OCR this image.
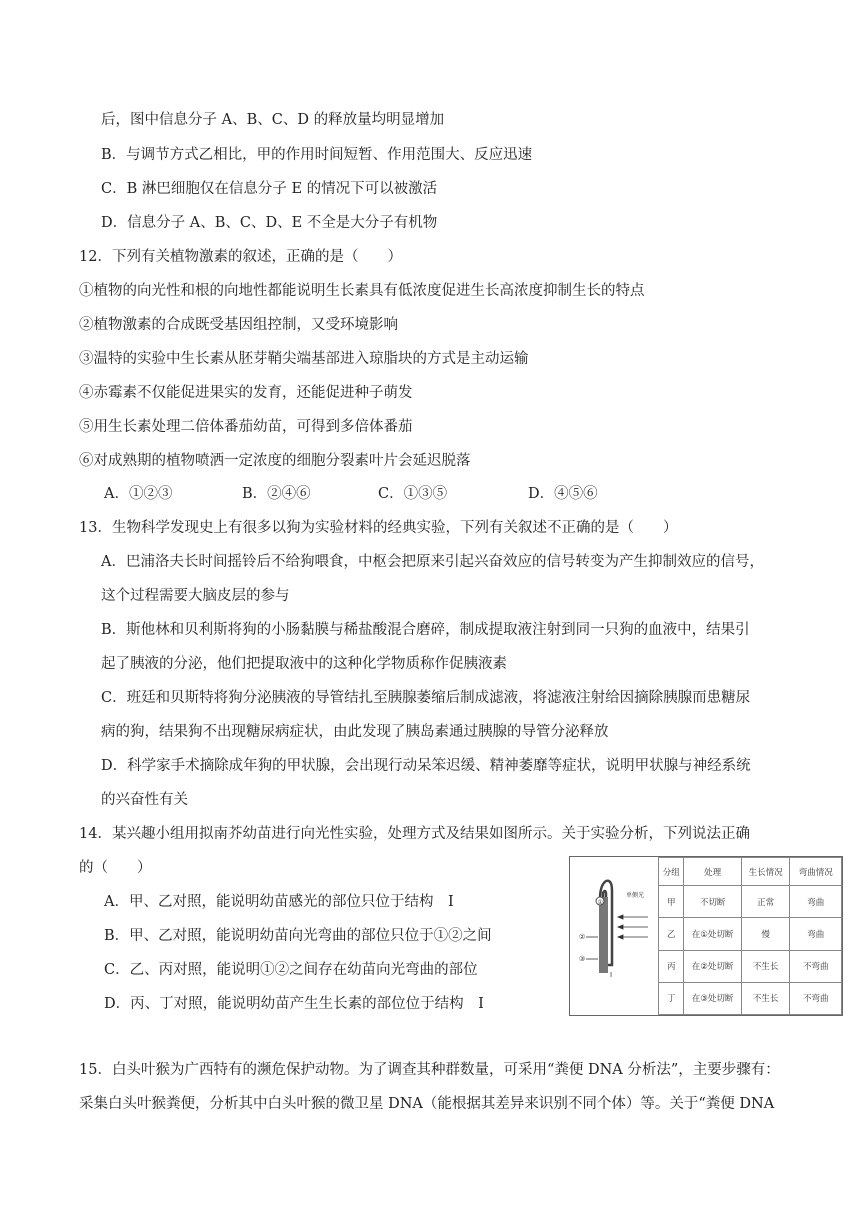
后，图中信息分子 A、B、C、D 的释放量均明显增加
B．与调节方式乙相比，甲的作用时间短暂、作用范围大、反应迅速
C．B 淋巴细胞仅在信息分子 E 的情况下可以被激活
D．信息分子 A、B、C、D、E 不全是大分子有机物
12．下列有关植物激素的叙述，正确的是（　　）
①植物的向光性和根的向地性都能说明生长素具有低浓度促进生长高浓度抑制生长的特点
②植物激素的合成既受基因组控制，又受环境影响
③温特的实验中生长素从胚芽鞘尖端基部进入琼脂块的方式是主动运输
④赤霉素不仅能促进果实的发育，还能促进种子萌发
⑤用生长素处理二倍体番茄幼苗，可得到多倍体番茄
⑥对成熟期的植物喷洒一定浓度的细胞分裂素叶片会延迟脱落
A．①②③	B．②④⑥	C．①③⑤	D．④⑤⑥
13．生物科学发现史上有很多以狗为实验材料的经典实验，下列有关叙述不正确的是（　　）
A．巴浦洛夫长时间摇铃后不给狗喂食，中枢会把原来引起兴奋效应的信号转变为产生抑制效应的信号，
这个过程需要大脑皮层的参与
B．斯他林和贝利斯将狗的小肠黏膜与稀盐酸混合磨碎，制成提取液注射到同一只狗的血液中，结果引
起了胰液的分泌，他们把提取液中的这种化学物质称作促胰液素
C．班廷和贝斯特将狗分泌胰液的导管结扎至胰腺萎缩后制成滤液，将滤液注射给因摘除胰腺而患糖尿
病的狗，结果狗不出现糖尿病症状，由此发现了胰岛素通过胰腺的导管分泌释放
D．科学家手术摘除成年狗的甲状腺，会出现行动呆笨迟缓、精神萎靡等症状，说明甲状腺与神经系统
的兴奋性有关
14．某兴趣小组用拟南芥幼苗进行向光性实验，处理方式及结果如图所示。关于实验分析，下列说法正确
的（　　）
A．甲、乙对照，能说明幼苗感光的部位只位于结构　I
B．甲、乙对照，能说明幼苗向光弯曲的部位只位于①②之间
C．乙、丙对照，能说明①②之间存在幼苗向光弯曲的部位
D．丙、丁对照，能说明幼苗产生生长素的部位位于结构　I
15．白头叶猴为广西特有的濒危保护动物。为了调查其种群数量，可采用“粪便 DNA 分析法”，主要步骤有：
采集白头叶猴粪便，分析其中白头叶猴的微卫星 DNA（能根据其差异来识别不同个体）等。关于“粪便 DNA
①
②
③
I
单侧光
分组	处理	生长情况	弯曲情况
甲	不切断	正常	弯曲
乙	在①处切断	慢	弯曲
丙	在②处切断	不生长	不弯曲
丁	在③处切断	不生长	不弯曲
